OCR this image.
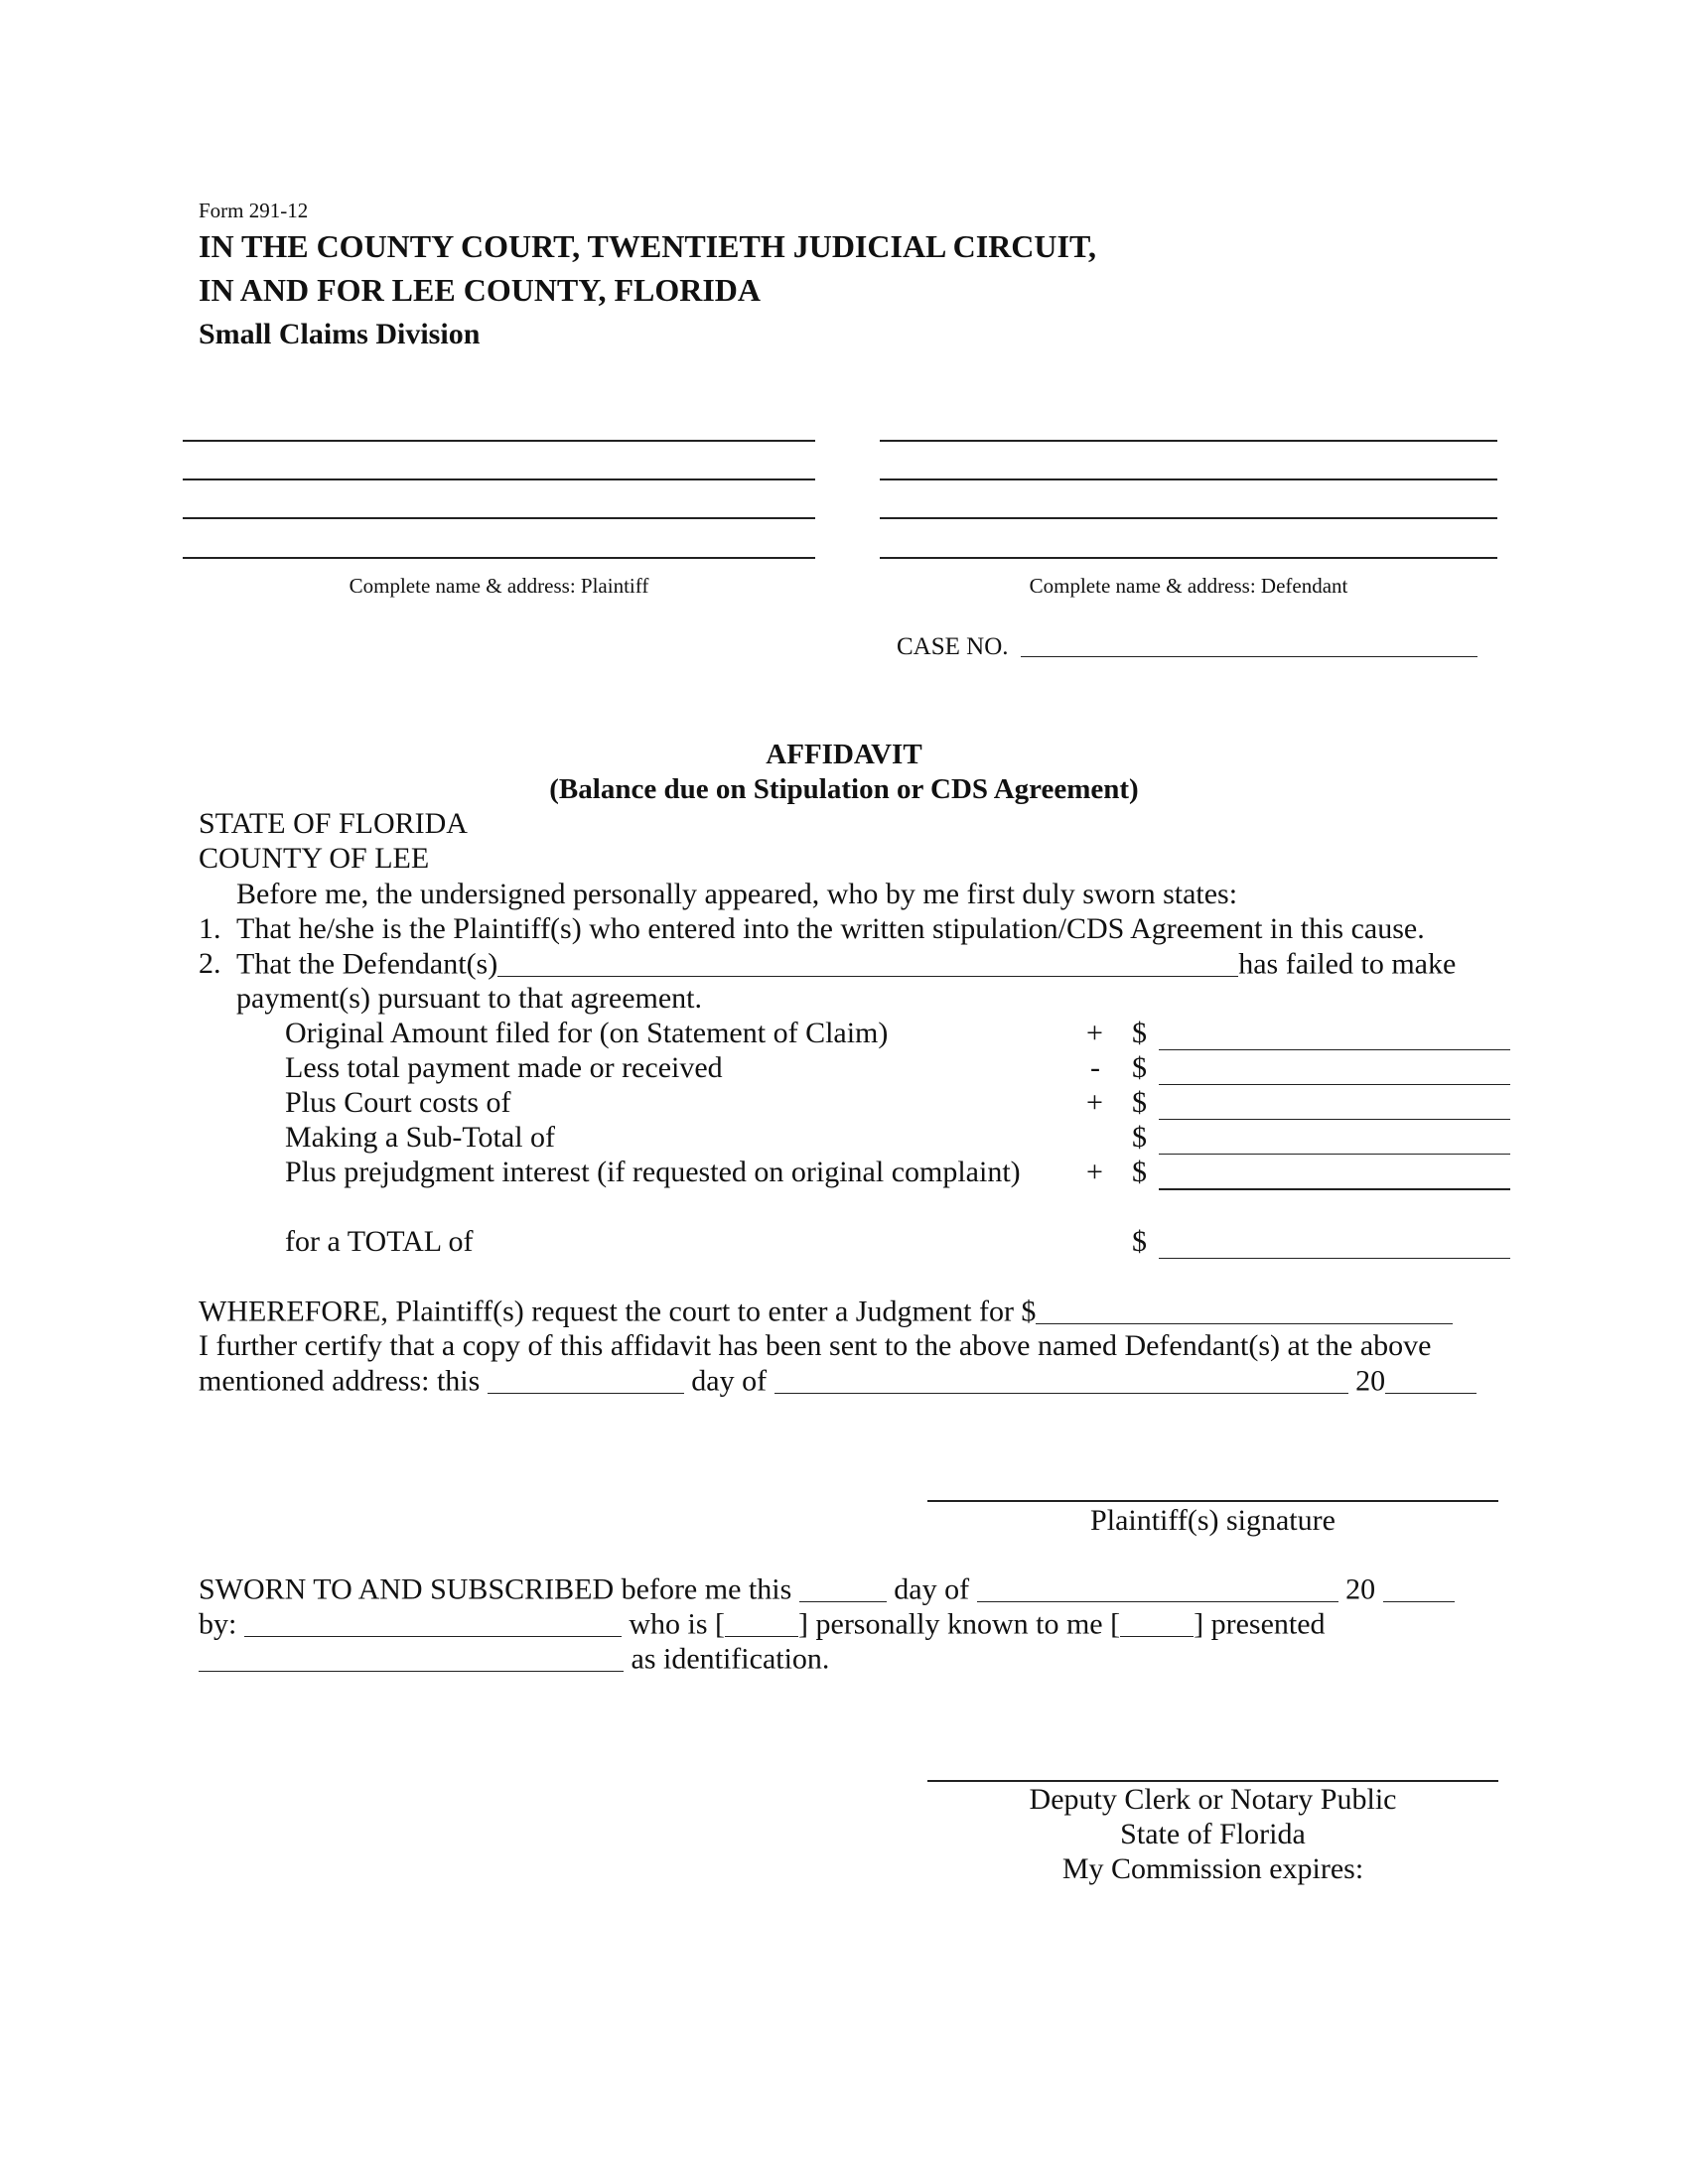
Form 291-12
IN THE COUNTY COURT, TWENTIETH JUDICIAL CIRCUIT,
IN AND FOR LEE COUNTY, FLORIDA
Small Claims Division
Complete name & address: Plaintiff	Complete name & address: Defendant
CASE NO.
AFFIDAVIT
(Balance due on Stipulation or CDS Agreement)
STATE OF FLORIDA
COUNTY OF LEE
Before me, the undersigned personally appeared, who by me first duly sworn states:
1. That he/she is the Plaintiff(s) who entered into the written stipulation/CDS Agreement in this cause.
2. That the Defendant(s)	has failed to make
payment(s) pursuant to that agreement.
Original Amount filed for (on Statement of Claim)	+ $
Less total payment made or received	- $
Plus Court costs of	+ $
Making a Sub-Total of	$
Plus prejudgment interest (if requested on original complaint) + $
for a TOTAL of	$
WHEREFORE, Plaintiff(s) request the court to enter a Judgment for $
I further certify that a copy of this affidavit has been sent to the above named Defendant(s) at the above
mentioned address: this	day of	20
Plaintiff(s) signature
SWORN TO AND SUBSCRIBED before me this	day of	20
by:	who is [ ] personally known to me [ ] presented
as identification.
Deputy Clerk or Notary Public
State of Florida
My Commission expires:
